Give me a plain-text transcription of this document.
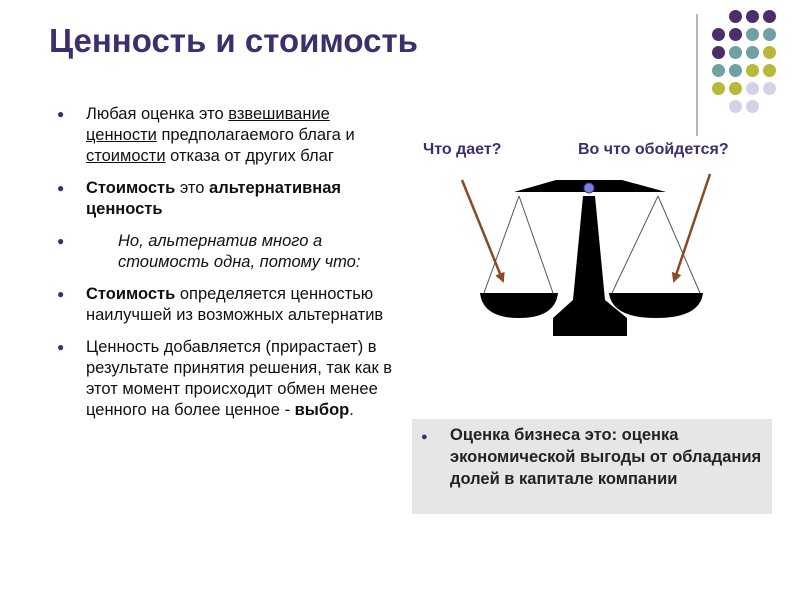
Ценность и стоимость
● Любая оценка это взвешивание ценности предполагаемого блага и стоимости отказа от других благ
● Стоимость это альтернативная ценность
●	Но, альтернатив много а стоимость одна, потому что:
● Стоимость определяется ценностью наилучшей из возможных альтернатив
● Ценность добавляется (прирастает) в результате принятия решения, так как в этот момент происходит обмен менее ценного на более ценное - выбор.
Что дает?	Во что обойдется?
● Оценка бизнеса это: оценка экономической выгоды от обладания долей в капитале компании
